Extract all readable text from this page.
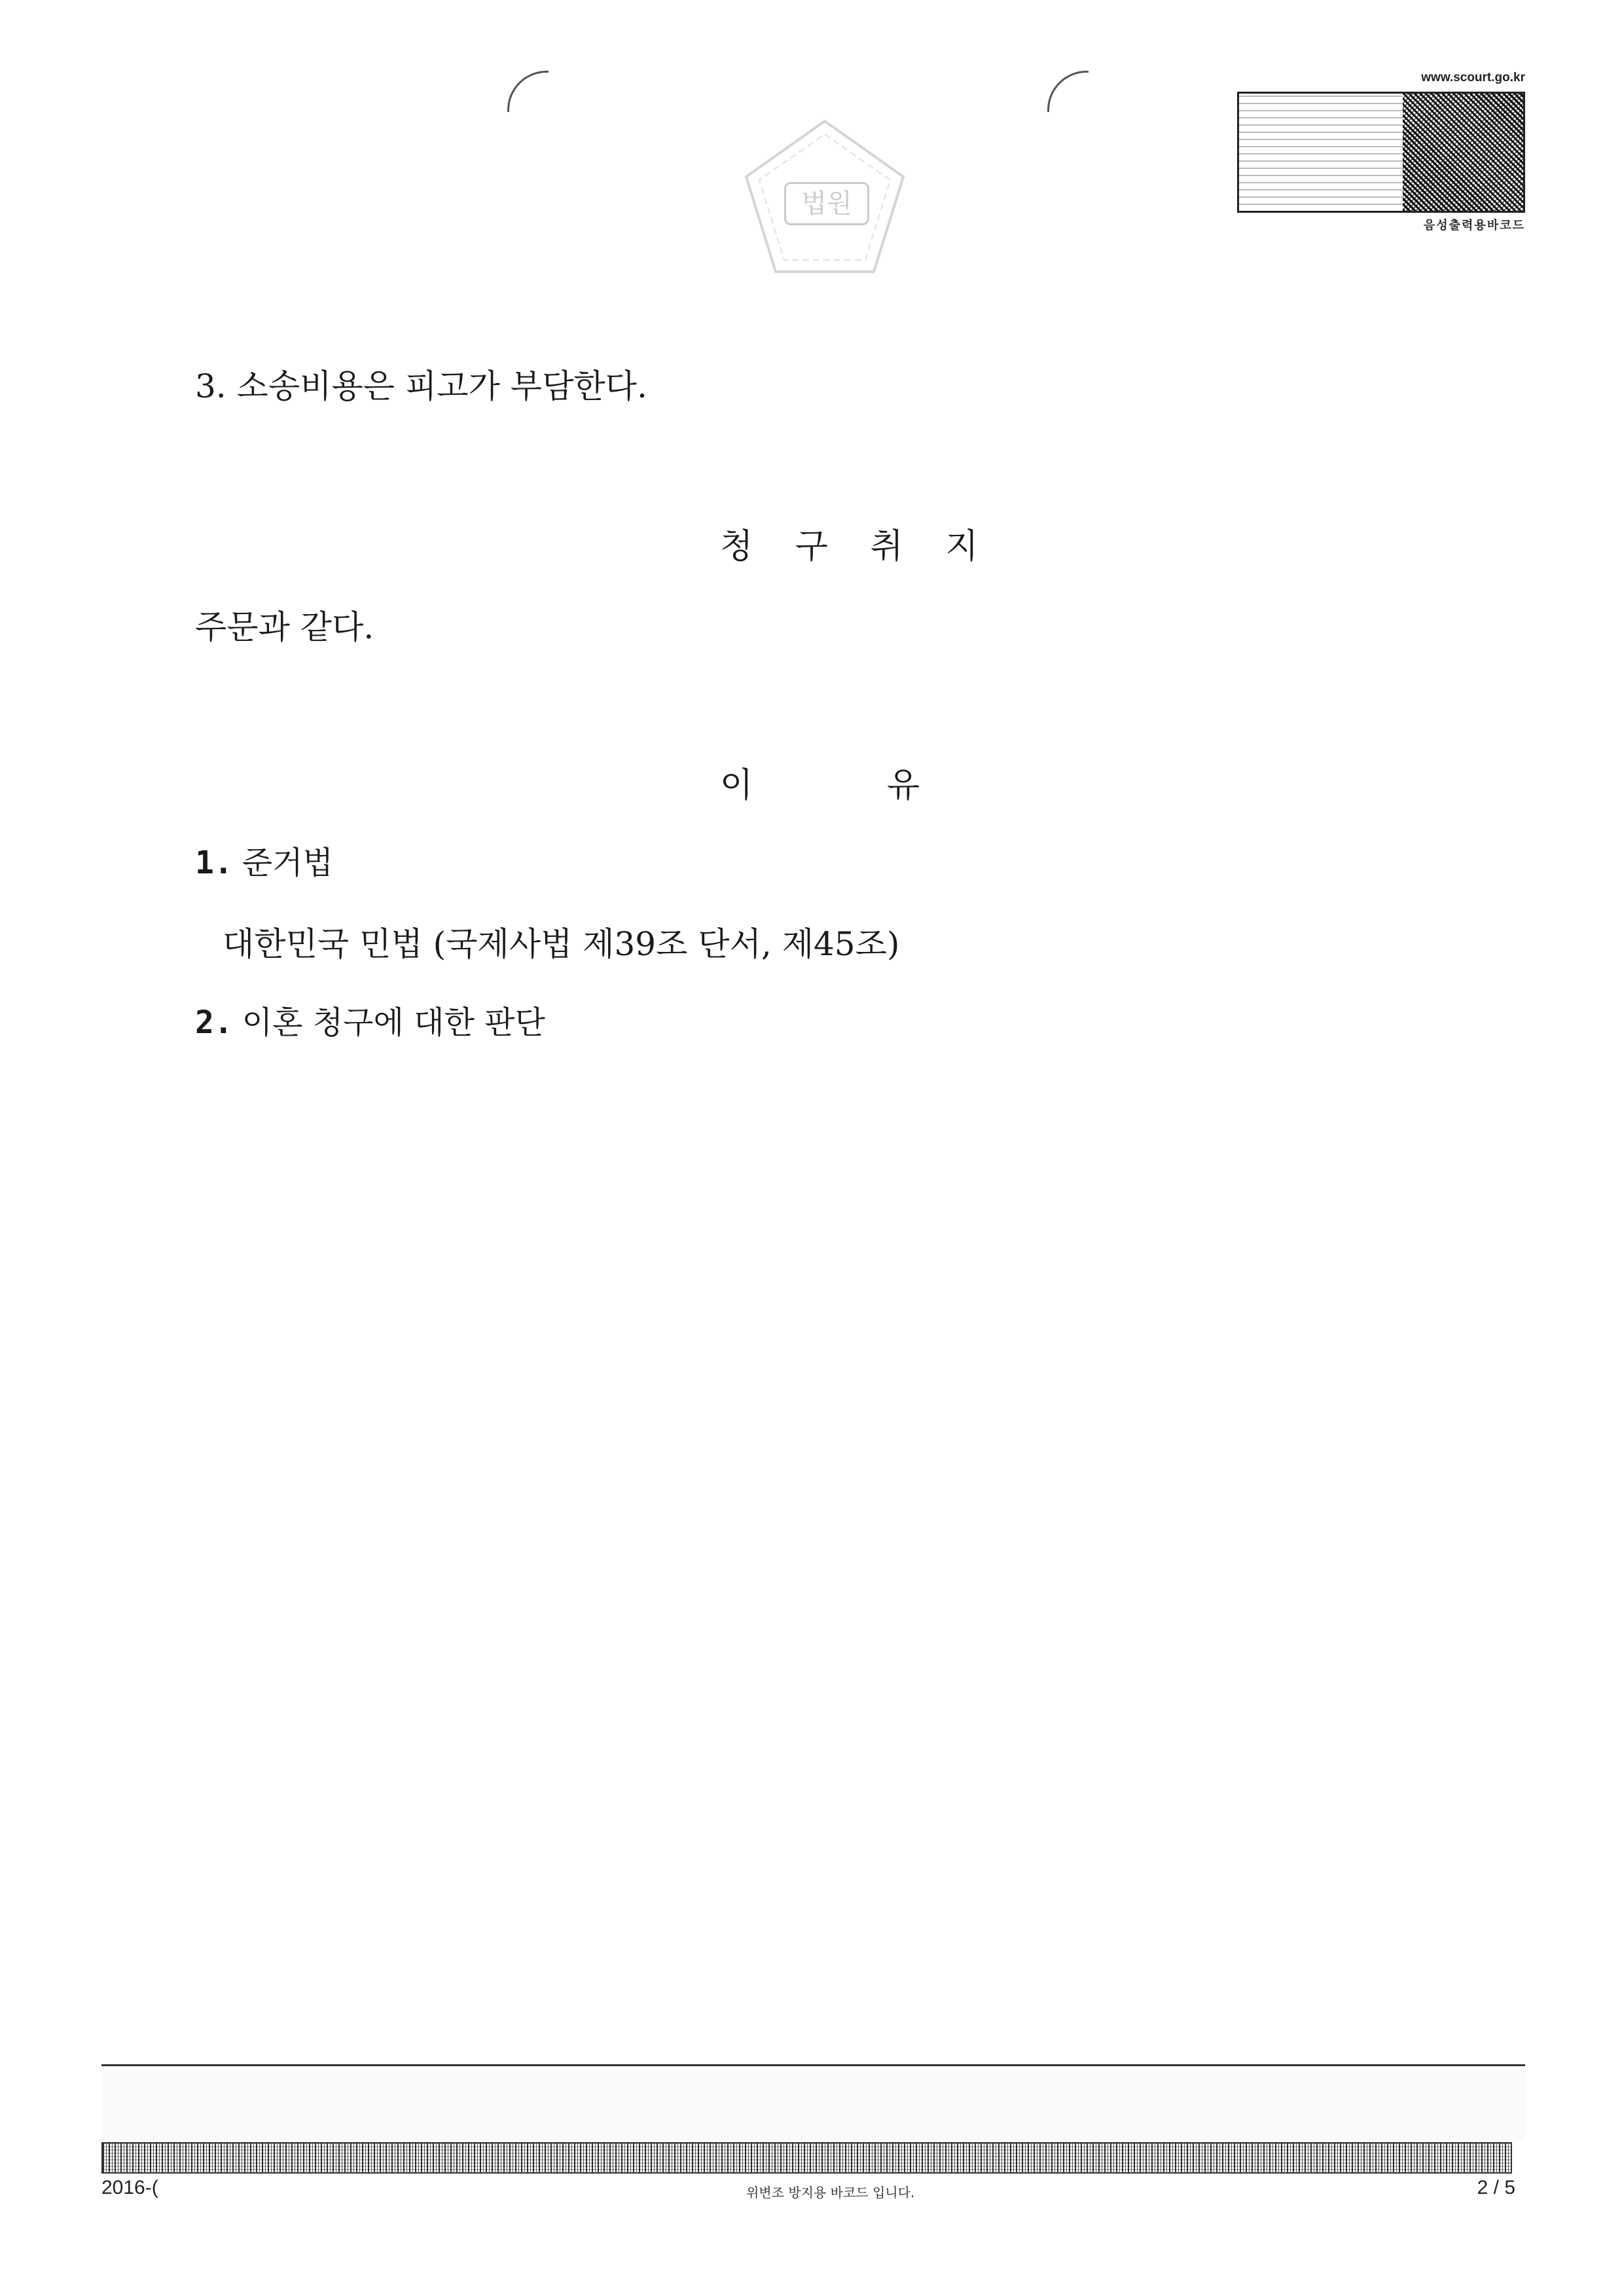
법원
www.scourt.go.kr
음성출력용바코드
3. 소송비용은 피고가 부담한다.
청 구 취 지
주문과 같다.
이 유
1. 준거법
대한민국 민법 (국제사법 제39조 단서, 제45조)
2. 이혼 청구에 대한 판단
2016-(	위변조 방지용 바코드 입니다.	2 / 5
